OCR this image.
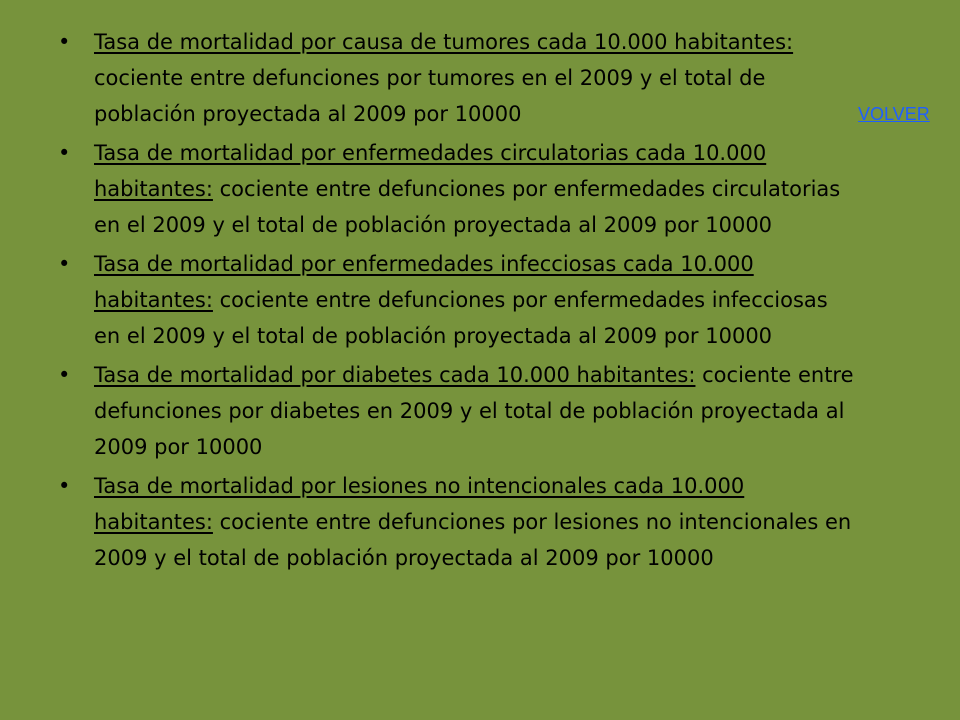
• Tasa de mortalidad por causa de tumores cada 10.000 habitantes: cociente entre defunciones por tumores en el 2009 y el total de población proyectada al 2009 por 10000
• Tasa de mortalidad por enfermedades circulatorias cada 10.000 habitantes: cociente entre defunciones por enfermedades circulatorias en el 2009 y el total de población proyectada al 2009 por 10000
• Tasa de mortalidad por enfermedades infecciosas cada 10.000 habitantes: cociente entre defunciones por enfermedades infecciosas en el 2009 y el total de población proyectada al 2009 por 10000
• Tasa de mortalidad por diabetes cada 10.000 habitantes: cociente entre defunciones por diabetes en 2009 y el total de población proyectada al 2009 por 10000
• Tasa de mortalidad por lesiones no intencionales cada 10.000 habitantes: cociente entre defunciones por lesiones no intencionales en 2009 y el total de población proyectada al 2009 por 10000
VOLVER
